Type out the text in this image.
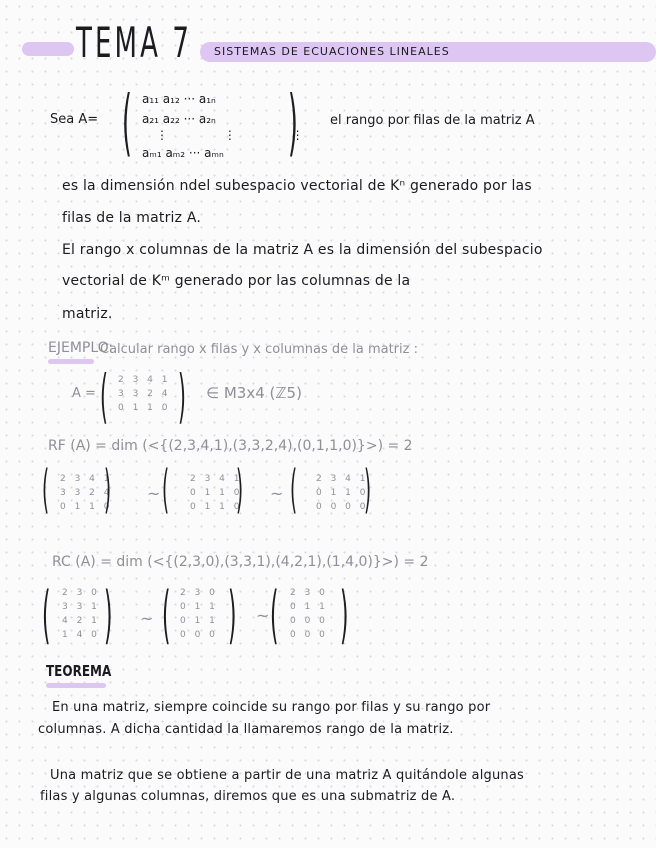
TEMA 7 SISTEMAS DE ECUACIONES LINEALES
Sea A= ( a₁₁ a₁₂ ··· a₁ₙ
a₂₁ a₂₂ ··· a₂ₙ
⋮ ⋮ ⋮
aₘ₁ aₘ₂ ··· aₘₙ ) el rango por filas de la matriz A
es la dimensión ndel subespacio vectorial de Kⁿ generado por las
filas de la matriz A.
El rango x columnas de la matriz A es la dimensión del subespacio
vectorial de Kᵐ generado por las columnas de la
matriz.
EJEMPLO:
Calcular rango x filas y x columnas de la matriz :
A = ( 2 3 4 1
3 3 2 4
0 1 1 0 ) ∈ M3x4 (ℤ5)
RF (A) = dim (<{(2,3,4,1),(3,3,2,4),(0,1,1,0)}>) = 2
( 2 3 4 1
3 3 2 4
0 1 1 0
) ~ ( 2 3 4 1
0 1 1 0
0 1 1 0
) ~ ( 2 3 4 1
0 1 1 0
0 0 0 0
)
RC (A) = dim (<{(2,3,0),(3,3,1),(4,2,1),(1,4,0)}>) = 2
( 2 3 0
3 3 1
4 2 1
1 4 0 ) ~ ( 2 3 0
0 1 1
0 1 1
0 0 0 ) ~ ( 2 3 0
0 1 1
0 0 0
0 0 0 )
TEOREMA
En una matriz, siempre coincide su rango por filas y su rango por
columnas. A dicha cantidad la llamaremos rango de la matriz.
Una matriz que se obtiene a partir de una matriz A quitándole algunas
filas y algunas columnas, diremos que es una submatriz de A.
